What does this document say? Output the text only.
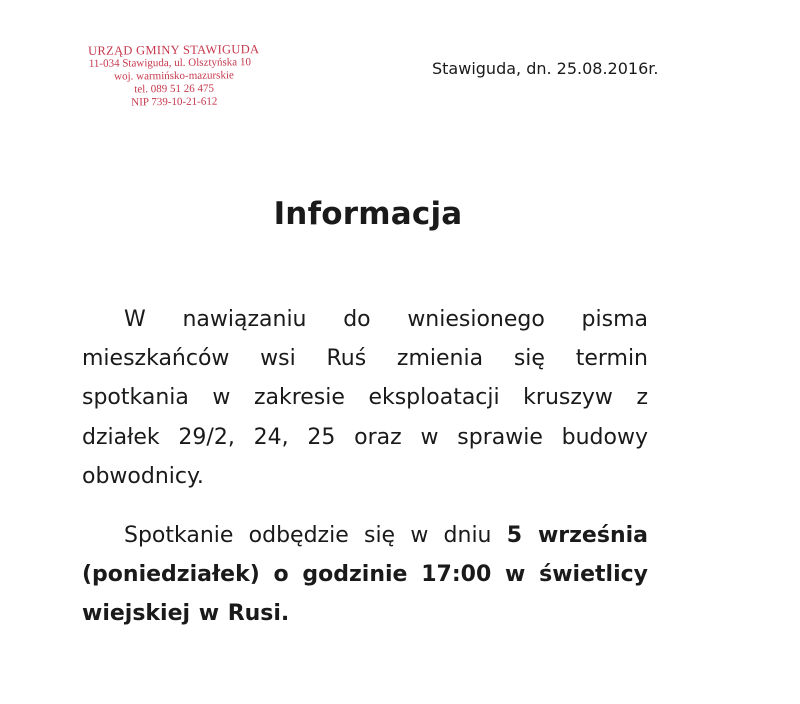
URZĄD GMINY STAWIGUDA
11-034 Stawiguda, ul. Olsztyńska 10
woj. warmińsko-mazurskie
tel. 089 51 26 475
NIP 739-10-21-612
Stawiguda, dn. 25.08.2016r.
Informacja
W nawiązaniu do wniesionego pisma mieszkańców wsi Ruś zmienia się termin spotkania w zakresie eksploatacji kruszyw z działek 29/2, 24, 25 oraz w sprawie budowy obwodnicy.
Spotkanie odbędzie się w dniu 5 września (poniedziałek) o godzinie 17:00 w świetlicy wiejskiej w Rusi.
